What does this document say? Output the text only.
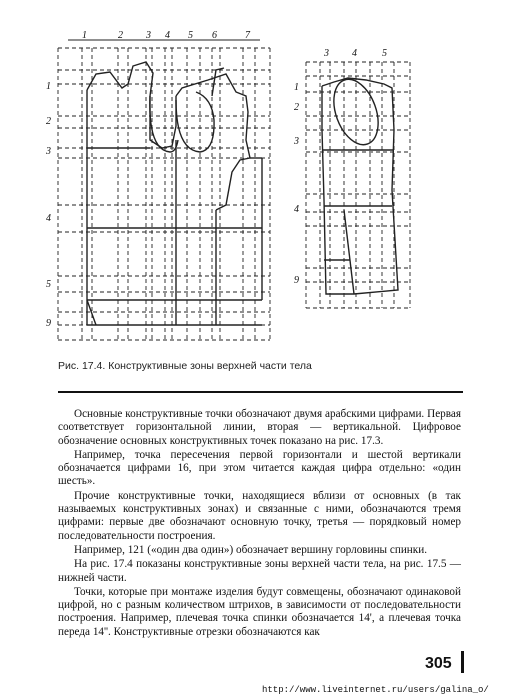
1	2 3 4 5 6	7
1
2
3
4
5
9
3 4	5
1
2
3
4
9
Рис. 17.4. Конструктивные зоны верхней части тела

Основные конструктивные точки обозначают двумя арабскими цифрами. Первая соответствует горизонтальной линии, вторая — вертикальной. Цифровое обозначение основных конструктивных точек показано на рис. 17.3.

Например, точка пересечения первой горизонтали и шестой вертикали обозначается цифрами 16, при этом читается каждая цифра отдельно: «один шесть».

Прочие конструктивные точки, находящиеся вблизи от основных (в так называемых конструктивных зонах) и связанные с ними, обозначаются тремя цифрами: первые две обозначают основную точку, третья — порядковый номер последовательности построения.

Например, 121 («один два один») обозначает вершину горловины спинки.

На рис. 17.4 показаны конструктивные зоны верхней части тела, на рис. 17.5 — нижней части.

Точки, которые при монтаже изделия будут совмещены, обозначают одинаковой цифрой, но с разным количеством штрихов, в зависимости от последовательности построения. Например, плечевая точка спинки обозначается 14', а плечевая точка переда 14''. Конструктивные отрезки обозначаются как

305
http://www.liveinternet.ru/users/galina_o/
